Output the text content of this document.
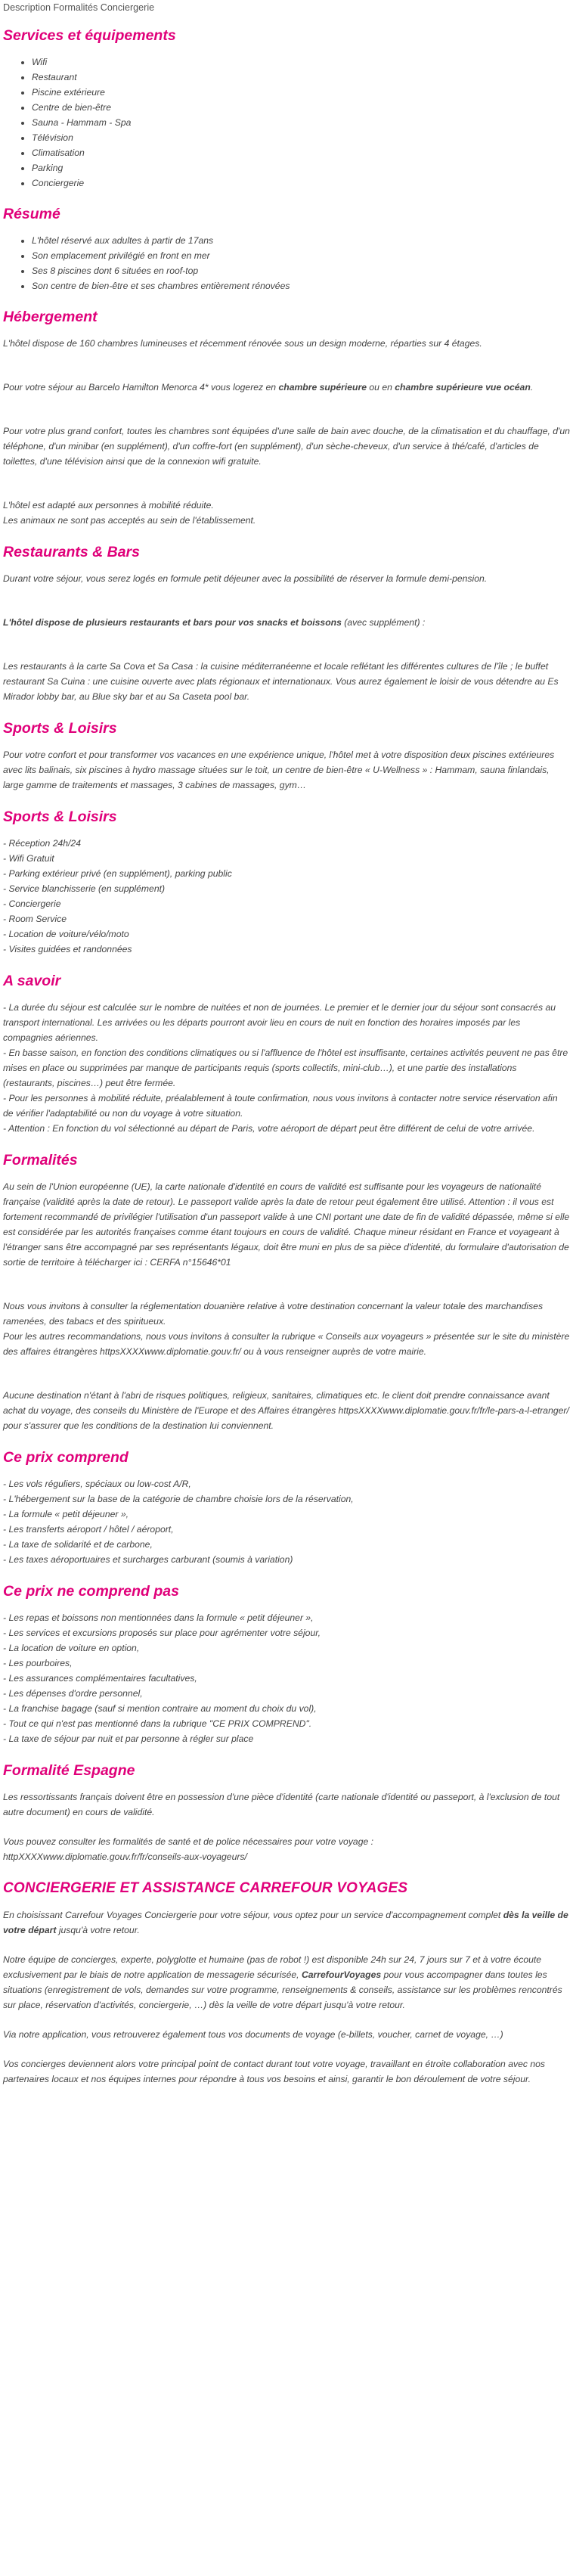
Description Formalités Conciergerie
Services et équipements
• Wifi
• Restaurant
• Piscine extérieure
• Centre de bien-être
• Sauna - Hammam - Spa
• Télévision
• Climatisation
• Parking
• Conciergerie
Résumé
• L'hôtel réservé aux adultes à partir de 17ans
• Son emplacement privilégié en front en mer
• Ses 8 piscines dont 6 situées en roof-top
• Son centre de bien-être et ses chambres entièrement rénovées
Hébergement

L'hôtel dispose de 160 chambres lumineuses et récemment rénovée sous un design moderne, réparties sur 4 étages.

Pour votre séjour au Barcelo Hamilton Menorca 4* vous logerez en chambre supérieure ou en chambre supérieure vue océan.

Pour votre plus grand confort, toutes les chambres sont équipées d'une salle de bain avec douche, de la climatisation et du chauffage, d'un téléphone, d'un minibar (en supplément), d'un coffre-fort (en supplément), d'un sèche-cheveux, d'un service à thé/café, d'articles de toilettes, d'une télévision ainsi que de la connexion wifi gratuite.

L'hôtel est adapté aux personnes à mobilité réduite.
Les animaux ne sont pas acceptés au sein de l'établissement.

Restaurants & Bars

Durant votre séjour, vous serez logés en formule petit déjeuner avec la possibilité de réserver la formule demi-pension.

L'hôtel dispose de plusieurs restaurants et bars pour vos snacks et boissons (avec supplément) :

Les restaurants à la carte Sa Cova et Sa Casa : la cuisine méditerranéenne et locale reflétant les différentes cultures de l'île ; le buffet restaurant Sa Cuina : une cuisine ouverte avec plats régionaux et internationaux. Vous aurez également le loisir de vous détendre au Es Mirador lobby bar, au Blue sky bar et au Sa Caseta pool bar.

Sports & Loisirs

Pour votre confort et pour transformer vos vacances en une expérience unique, l'hôtel met à votre disposition deux piscines extérieures avec lits balinais, six piscines à hydro massage situées sur le toit, un centre de bien-être « U-Wellness » : Hammam, sauna finlandais, large gamme de traitements et massages, 3 cabines de massages, gym…

Sports & Loisirs

- Réception 24h/24
- Wifi Gratuit
- Parking extérieur privé (en supplément), parking public
- Service blanchisserie (en supplément)
- Conciergerie
- Room Service
- Location de voiture/vélo/moto
- Visites guidées et randonnées

A savoir

- La durée du séjour est calculée sur le nombre de nuitées et non de journées. Le premier et le dernier jour du séjour sont consacrés au transport international. Les arrivées ou les départs pourront avoir lieu en cours de nuit en fonction des horaires imposés par les compagnies aériennes.
- En basse saison, en fonction des conditions climatiques ou si l'affluence de l'hôtel est insuffisante, certaines activités peuvent ne pas être mises en place ou supprimées par manque de participants requis (sports collectifs, mini-club…), et une partie des installations (restaurants, piscines…) peut être fermée.
- Pour les personnes à mobilité réduite, préalablement à toute confirmation, nous vous invitons à contacter notre service réservation afin de vérifier l'adaptabilité ou non du voyage à votre situation.
- Attention : En fonction du vol sélectionné au départ de Paris, votre aéroport de départ peut être différent de celui de votre arrivée.

Formalités

Au sein de l'Union européenne (UE), la carte nationale d'identité en cours de validité est suffisante pour les voyageurs de nationalité française (validité après la date de retour). Le passeport valide après la date de retour peut également être utilisé. Attention : il vous est fortement recommandé de privilégier l'utilisation d'un passeport valide à une CNI portant une date de fin de validité dépassée, même si elle est considérée par les autorités françaises comme étant toujours en cours de validité. Chaque mineur résidant en France et voyageant à l'étranger sans être accompagné par ses représentants légaux, doit être muni en plus de sa pièce d'identité, du formulaire d'autorisation de sortie de territoire à télécharger ici : CERFA n°15646*01

Nous vous invitons à consulter la réglementation douanière relative à votre destination concernant la valeur totale des marchandises ramenées, des tabacs et des spiritueux.
Pour les autres recommandations, nous vous invitons à consulter la rubrique « Conseils aux voyageurs » présentée sur le site du ministère des affaires étrangères httpsXXXXwww.diplomatie.gouv.fr/ ou à vous renseigner auprès de votre mairie.

Aucune destination n'étant à l'abri de risques politiques, religieux, sanitaires, climatiques etc. le client doit prendre connaissance avant achat du voyage, des conseils du Ministère de l'Europe et des Affaires étrangères httpsXXXXwww.diplomatie.gouv.fr/fr/le-pars-a-l-etranger/ pour s'assurer que les conditions de la destination lui conviennent.

Ce prix comprend

- Les vols réguliers, spéciaux ou low-cost A/R,
- L'hébergement sur la base de la catégorie de chambre choisie lors de la réservation,
- La formule « petit déjeuner »,
- Les transferts aéroport / hôtel / aéroport,
- La taxe de solidarité et de carbone,
- Les taxes aéroportuaires et surcharges carburant (soumis à variation)

Ce prix ne comprend pas

- Les repas et boissons non mentionnées dans la formule « petit déjeuner »,
- Les services et excursions proposés sur place pour agrémenter votre séjour,
- La location de voiture en option,
- Les pourboires,
- Les assurances complémentaires facultatives,
- Les dépenses d'ordre personnel,
- La franchise bagage (sauf si mention contraire au moment du choix du vol),
- Tout ce qui n'est pas mentionné dans la rubrique "CE PRIX COMPREND".
- La taxe de séjour par nuit et par personne à régler sur place

Formalité Espagne

Les ressortissants français doivent être en possession d'une pièce d'identité (carte nationale d'identité ou passeport, à l'exclusion de tout autre document) en cours de validité.

Vous pouvez consulter les formalités de santé et de police nécessaires pour votre voyage :
httpXXXXwww.diplomatie.gouv.fr/fr/conseils-aux-voyageurs/

CONCIERGERIE ET ASSISTANCE CARREFOUR VOYAGES

En choisissant Carrefour Voyages Conciergerie pour votre séjour, vous optez pour un service d'accompagnement complet dès la veille de votre départ jusqu'à votre retour.

Notre équipe de concierges, experte, polyglotte et humaine (pas de robot !) est disponible 24h sur 24, 7 jours sur 7 et à votre écoute exclusivement par le biais de notre application de messagerie sécurisée, CarrefourVoyages pour vous accompagner dans toutes les situations (enregistrement de vols, demandes sur votre programme, renseignements & conseils, assistance sur les problèmes rencontrés sur place, réservation d'activités, conciergerie, …) dès la veille de votre départ jusqu'à votre retour.

Via notre application, vous retrouverez également tous vos documents de voyage (e-billets, voucher, carnet de voyage, …)

Vos concierges deviennent alors votre principal point de contact durant tout votre voyage, travaillant en étroite collaboration avec nos partenaires locaux et nos équipes internes pour répondre à tous vos besoins et ainsi, garantir le bon déroulement de votre séjour.
